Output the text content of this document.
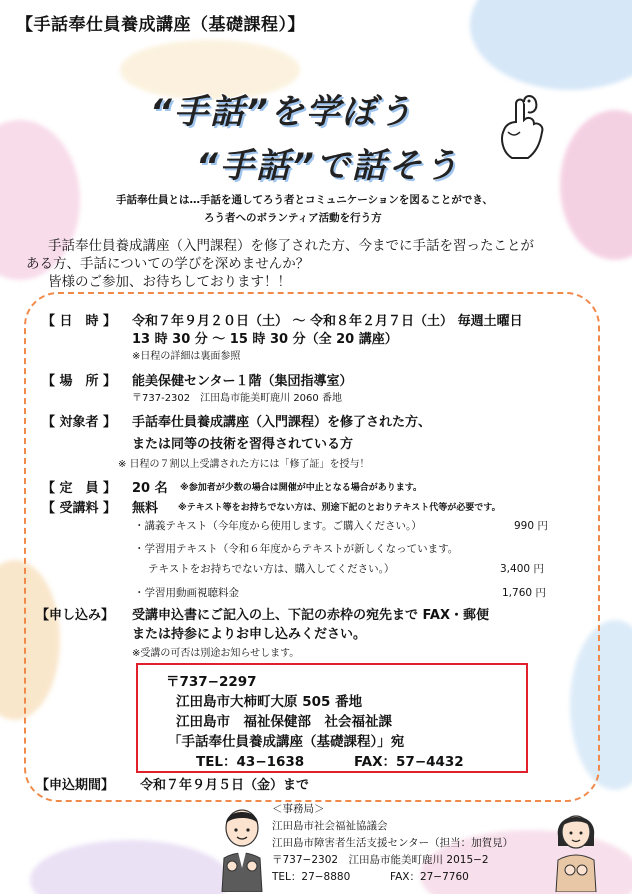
【手話奉仕員養成講座（基礎課程）】
“手話”を学ぼう
“手話”で話そう
手話奉仕員とは…手話を通してろう者とコミュニケーションを図ることができ、
ろう者へのボランティア活動を行う方
手話奉仕員養成講座（入門課程）を修了された方、今までに手話を習ったことが
ある方、手話についての学びを深めませんか？
皆様のご参加、お待ちしております！！
【 日　時 】 令和７年９月２０日（土） ～ 令和８年２月７日（土） 毎週土曜日
13 時 30 分 ～ 15 時 30 分（全 20 講座）
※日程の詳細は裏面参照
【 場　所 】 能美保健センター１階（集団指導室）
〒737-2302　江田島市能美町鹿川 2060 番地
【 対象者 】 手話奉仕員養成講座（入門課程）を修了された方、
または同等の技術を習得されている方
※ 日程の７割以上受講された方には「修了証」を授与！
【 定　員 】 20 名 ※参加者が少数の場合は開催が中止となる場合があります。
【 受講料 】 無料 ※テキスト等をお持ちでない方は、別途下記のとおりテキスト代等が必要です。
・講義テキスト（今年度から使用します。ご購入ください。）	990 円
・学習用テキスト（令和６年度からテキストが新しくなっています。
テキストをお持ちでない方は、購入してください。）	3,400 円
・学習用動画視聴料金	1,760 円
【申し込み】 受講申込書にご記入の上、下記の赤枠の宛先まで FAX・郵便
または持参によりお申し込みください。
※受講の可否は別途お知らせします。
〒737−2297
江田島市大柿町大原 505 番地
江田島市　福祉保健部　社会福祉課
「手話奉仕員養成講座（基礎課程）」宛
TEL：43−1638	FAX：57−4432
【申込期間】 令和７年９月５日（金）まで
＜事務局＞
江田島市社会福祉協議会
江田島市障害者生活支援センター（担当：加賀見）
〒737−2302　江田島市能美町鹿川 2015−2
TEL：27−8880	FAX：27−7760
